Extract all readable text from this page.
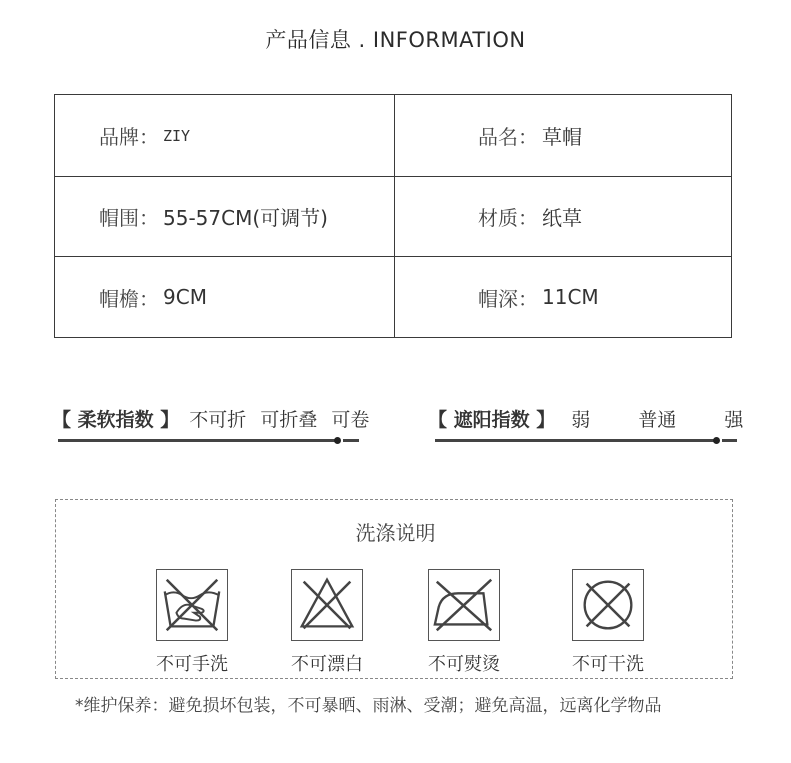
产品信息 . INFORMATION
品牌： ZIY	品名： 草帽
帽围： 55-57CM(可调节)	材质： 纸草
帽檐： 9CM	帽深： 11CM
【 柔软指数 】 不可折 可折叠 可卷	【 遮阳指数 】 弱	普通	强
洗涤说明
不可手洗	不可漂白	不可熨烫	不可干洗
*维护保养：避免损坏包装，不可暴晒、雨淋、受潮；避免高温，远离化学物品
